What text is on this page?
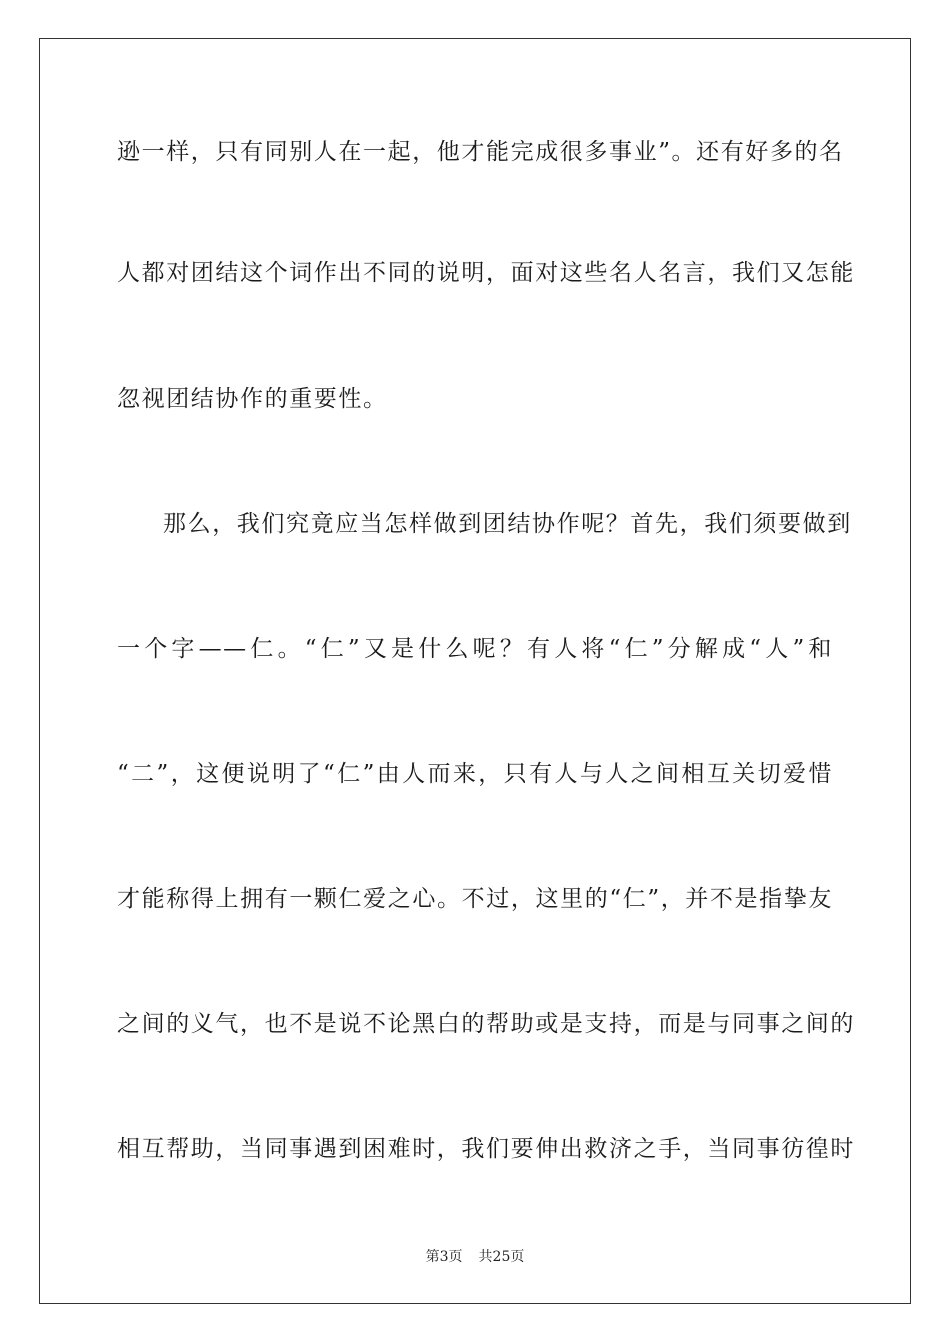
逊一样，只有同别人在一起，他才能完成很多事业”。还有好多的名
人都对团结这个词作出不同的说明，面对这些名人名言，我们又怎能
忽视团结协作的重要性。
那么，我们究竟应当怎样做到团结协作呢？首先，我们须要做到
一个字——仁。“仁”又是什么呢？有人将“仁”分解成“人”和
“二”，这便说明了“仁”由人而来，只有人与人之间相互关切爱惜
才能称得上拥有一颗仁爱之心。不过，这里的“仁”，并不是指挚友
之间的义气，也不是说不论黑白的帮助或是支持，而是与同事之间的
相互帮助，当同事遇到困难时，我们要伸出救济之手，当同事彷徨时
第3页 共25页
